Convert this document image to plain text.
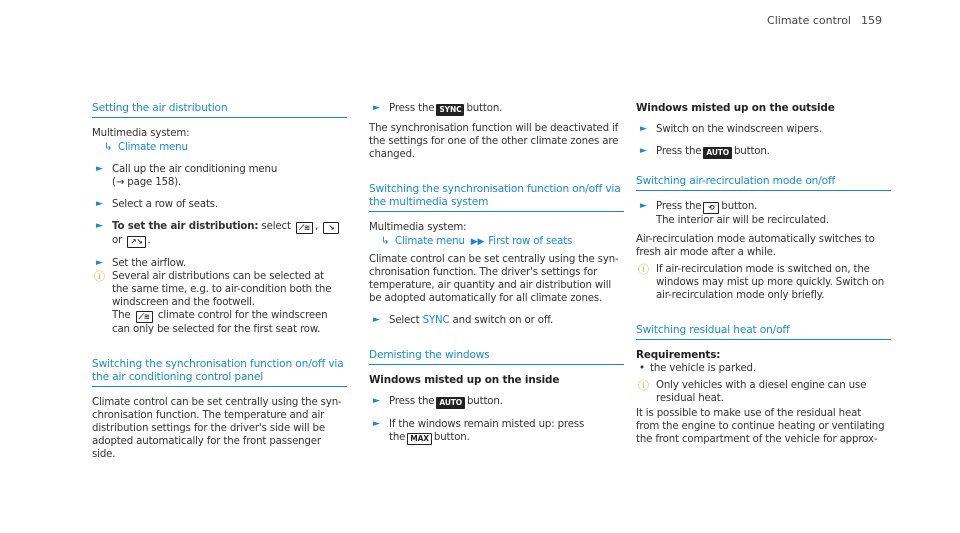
Climate control 159
Setting the air distribution

Multimedia system:

↳ Climate menu

► Call up the air conditioning menu

(→ page 158).

► Select a row of seats.

► To set the air distribution: select ⟋≋ , ↘

or ↗↘ .

► Set the airflow.

ⓘ Several air distributions can be selected at

the same time, e.g. to air-condition both the

windscreen and the footwell.

The ⟋≋ climate control for the windscreen

can only be selected for the first seat row.

Switching the synchronisation function on/off via

the air conditioning control panel

Climate control can be set centrally using the syn-

chronisation function. The temperature and air

distribution settings for the driver's side will be

adopted automatically for the front passenger

side.

► Press the SYNC button.

The synchronisation function will be deactivated if

the settings for one of the other climate zones are

changed.

Switching the synchronisation function on/off via

the multimedia system

Multimedia system:

↳ Climate menu ▶▶ First row of seats

Climate control can be set centrally using the syn-

chronisation function. The driver's settings for

temperature, air quantity and air distribution will

be adopted automatically for all climate zones.

► Select SYNC and switch on or off.

Demisting the windows
Windows misted up on the inside
► Press the AUTO button.

► If the windows remain misted up: press

the MAX button.

Windows misted up on the outside
► Switch on the windscreen wipers.

► Press the AUTO button.

Switching air-recirculation mode on/off
► Press the ⟲ button.

The interior air will be recirculated.

Air-recirculation mode automatically switches to

fresh air mode after a while.

ⓘ If air-recirculation mode is switched on, the

windows may mist up more quickly. Switch on

air-recirculation mode only briefly.

Switching residual heat on/off
Requirements:
• the vehicle is parked.

ⓘ Only vehicles with a diesel engine can use

residual heat.

It is possible to make use of the residual heat

from the engine to continue heating or ventilating

the front compartment of the vehicle for approx-
